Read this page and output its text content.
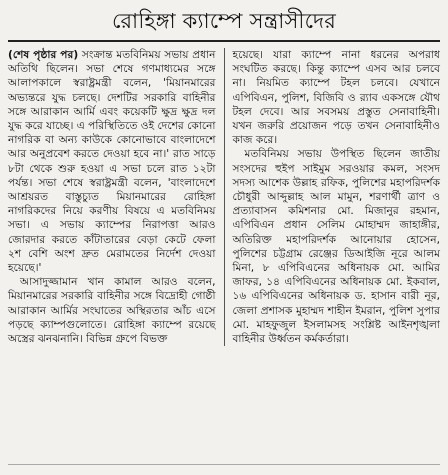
রোহিঙ্গা ক্যাম্পে সন্ত্রাসীদের

(শেষ পৃষ্ঠার পর) সংক্রান্ত মতবিনিময় সভায় প্রধান অতিথি ছিলেন। সভা শেষে গণমাধ্যমের সঙ্গে আলাপকালে স্বরাষ্ট্রমন্ত্রী বলেন, 'মিয়ানমারের অভ্যন্তরে যুদ্ধ চলছে। দেশটির সরকারি বাহিনীর সঙ্গে আরাকান আর্মি এবং কয়েকটি ক্ষুদ্র ক্ষুদ্র দল যুদ্ধ করে যাচ্ছে। এ পরিস্থিতিতে ওই দেশের কোনো নাগরিক বা অন্য কাউকে কোনোভাবে বাংলাদেশে আর অনুপ্রবেশ করতে দেওয়া হবে না।' রাত সাড়ে ৮টা থেকে শুরু হওয়া এ সভা চলে রাত ১২টা পর্যন্ত। সভা শেষে স্বরাষ্ট্রমন্ত্রী বলেন, 'বাংলাদেশে আশ্রয়রত বাস্তুচ্যুত মিয়ানমারের রোহিঙ্গা নাগরিকদের নিয়ে করণীয় বিষয়ে এ মতবিনিময় সভা। এ সভায় ক্যাম্পের নিরাপত্তা আরও জোরদার করতে কাঁটাতারের বেড়া কেটে ফেলা ২শ বেশি অংশ দ্রুত মেরামতের নির্দেশ দেওয়া হয়েছে।'

আসাদুজ্জামান খান কামাল আরও বলেন, মিয়ানমারের সরকারি বাহিনীর সঙ্গে বিদ্রোহী গোষ্ঠী আরাকান আর্মির সংঘাতের অস্থিরতার আঁচ এসে পড়ছে ক্যাম্পগুলোতে। রোহিঙ্গা ক্যাম্পে রয়েছে অস্ত্রের ঝনঝনানি। বিভিন্ন গ্রুপে বিভক্ত

হয়েছে। যারা ক্যাম্পে নানা ধরনের অপরাধ সংঘটিত করছে। কিন্তু ক্যাম্পে এসব আর চলবে না। নিয়মিত ক্যাম্পে টহল চলবে। যেখানে এপিবিএন, পুলিশ, বিজিবি ও র‍্যাব একসঙ্গে যৌথ টহল দেবে। আর সবসময় প্রস্তুত সেনাবাহিনী। যখন জরুরি প্রয়োজন পড়ে তখন সেনাবাহিনীও কাজ করে।

মতবিনিময় সভায় উপস্থিত ছিলেন জাতীয় সংসদের হুইপ সাইমুম সরওয়ার কমল, সংসদ সদস্য আশেক উল্লাহ রফিক, পুলিশের মহাপরিদর্শক চৌধুরী আব্দুল্লাহ আল মামুন, শরণার্থী ত্রাণ ও প্রত্যাবাসন কমিশনার মো. মিজানুর রহমান, এপিবিএন প্রধান সেলিম মোহাম্মদ জাহাঙ্গীর, অতিরিক্ত মহাপরিদর্শক আনোয়ার হোসেন, পুলিশের চট্টগ্রাম রেঞ্জের ডিআইজি নূরে আলম মিনা, ৮ এপিবিএনের অধিনায়ক মো. আমির জাফর, ১৪ এপিবিএনের অধিনায়ক মো. ইকবাল, ১৬ এপিবিএনের অধিনায়ক ড. হাসান বারী নূর, জেলা প্রশাসক মুহাম্মদ শাহীন ইমরান, পুলিশ সুপার মো. মাহফুজুল ইসলামসহ সংশ্লিষ্ট আইনশৃঙ্খলা বাহিনীর উর্ধ্বতন কর্মকর্তারা।
